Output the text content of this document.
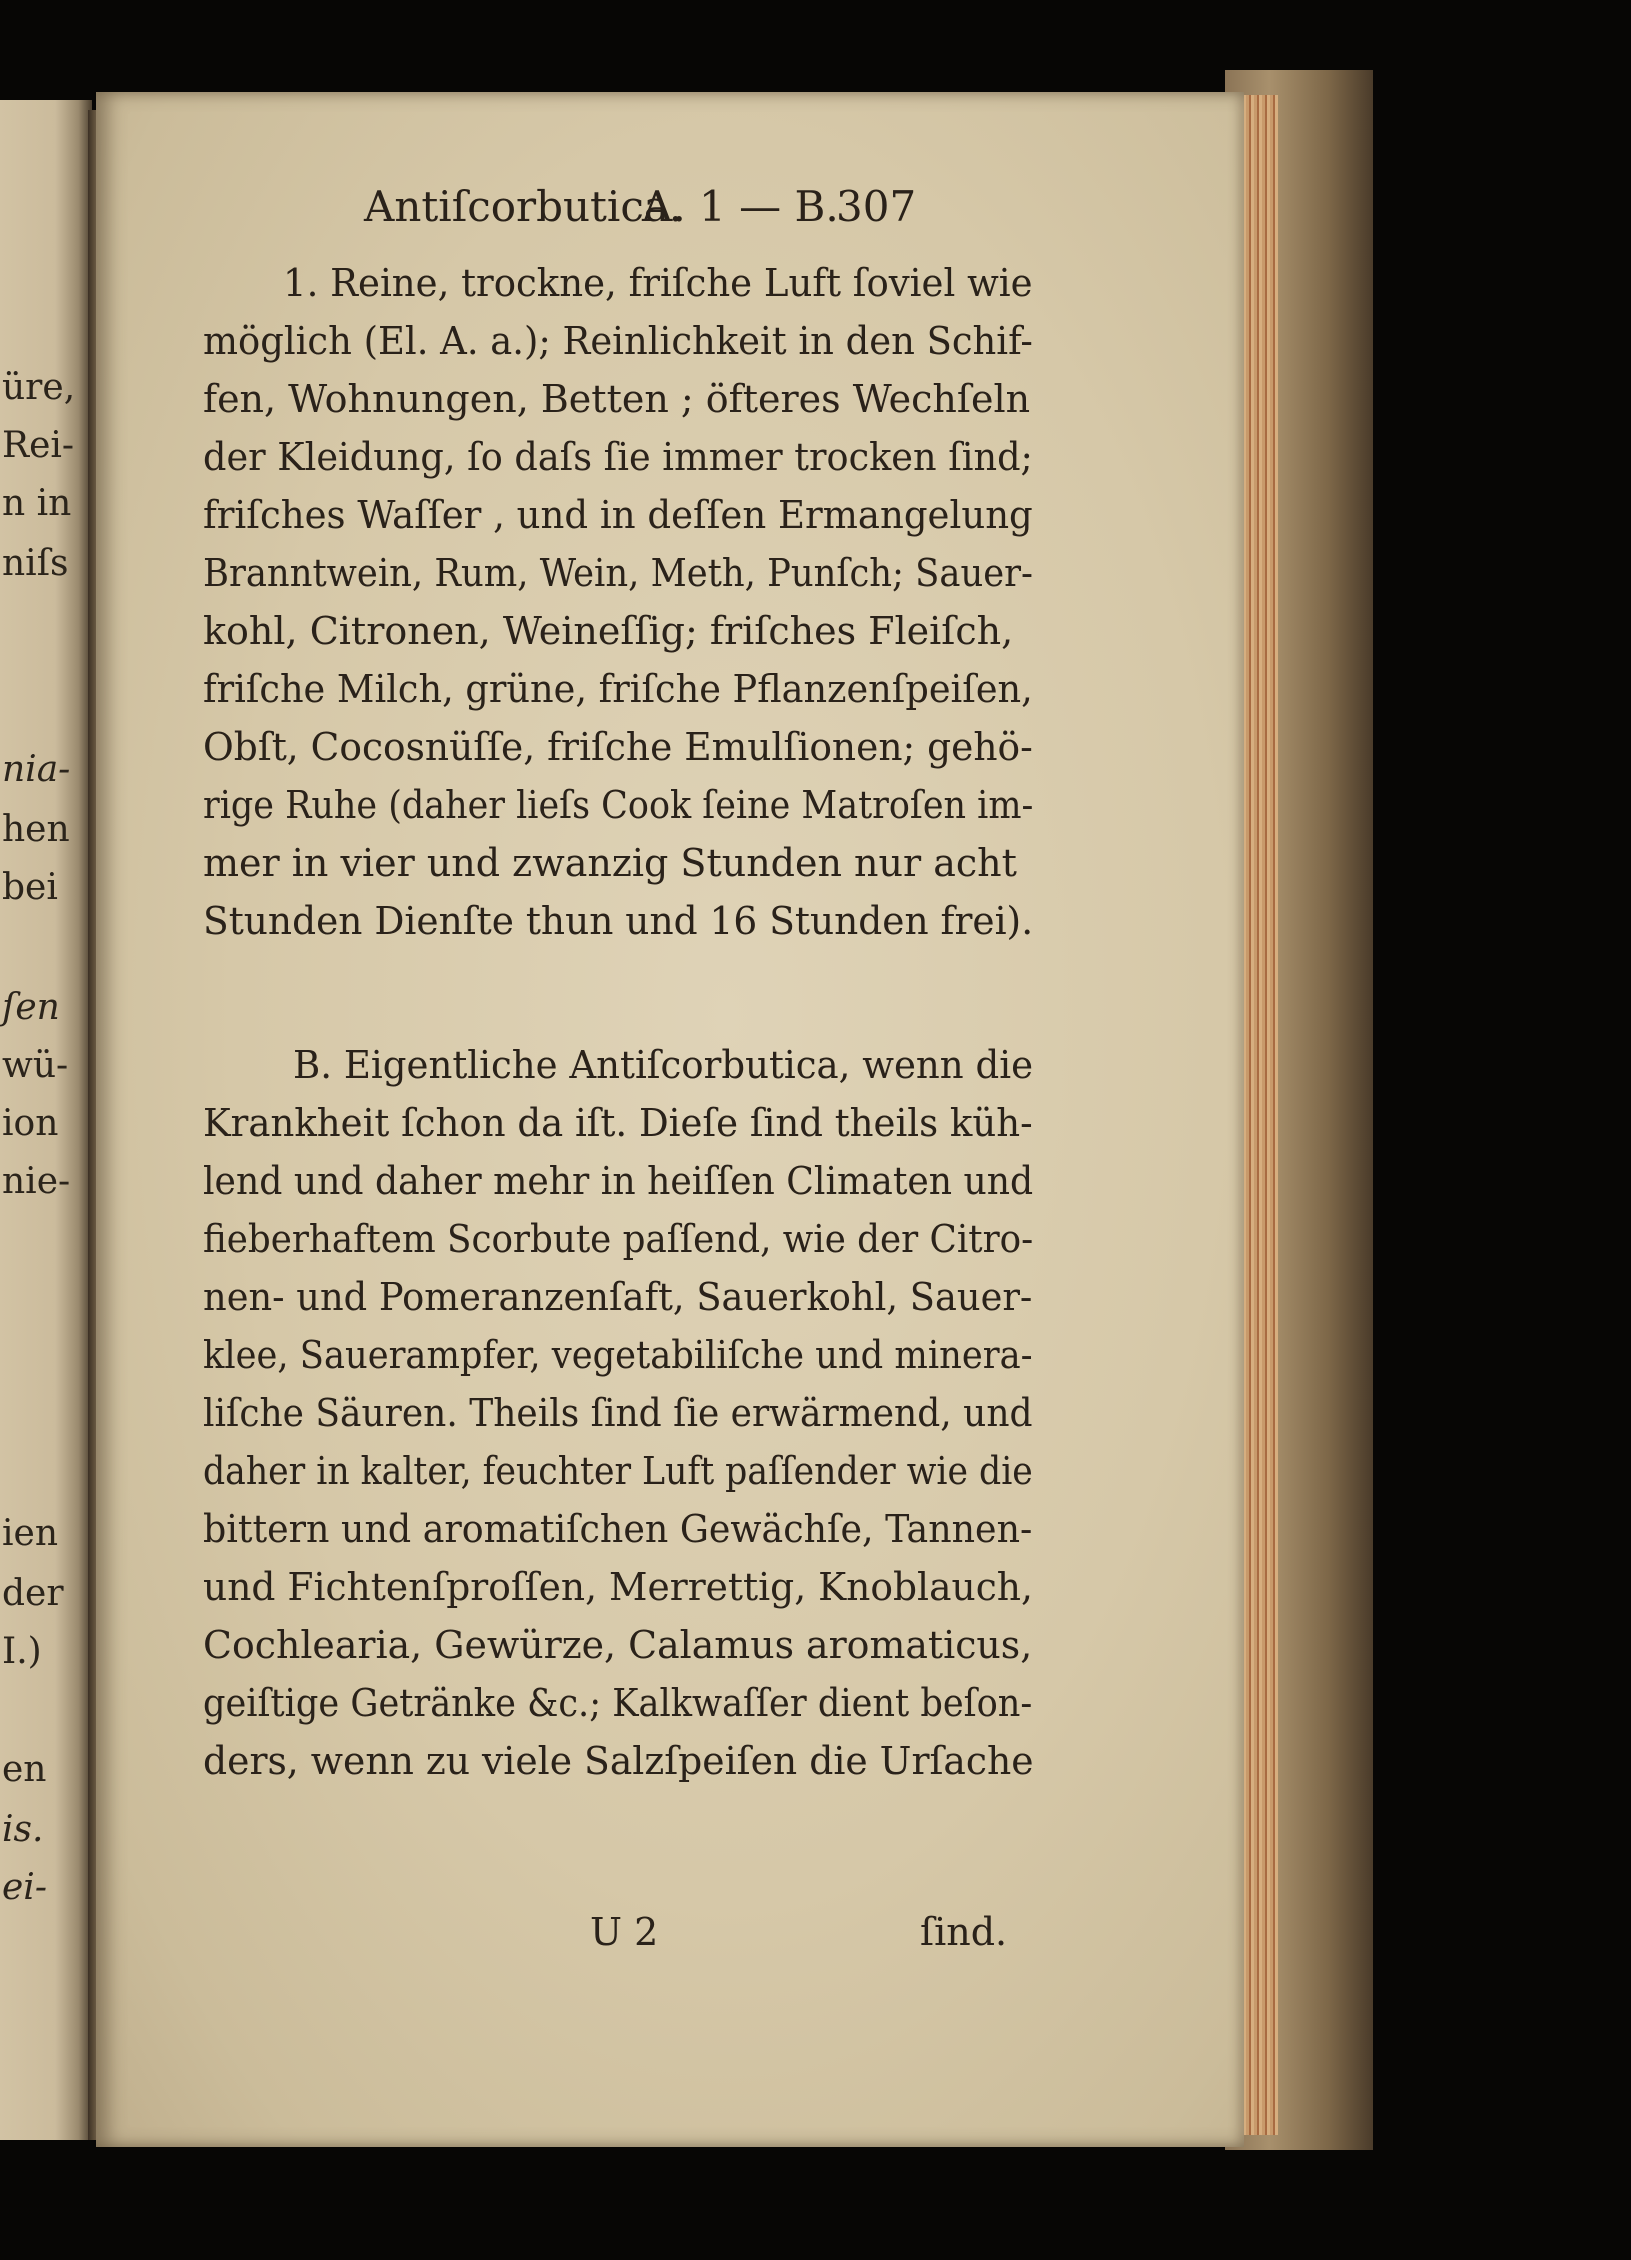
üre,
Rei-
n in
niſs
nia-
hen
bei
ſen
wü-
ion
nie-
ien
der
I.)
en
is.
ei-
Antiſcorbutica.
A. 1 — B.
307
1. Reine, trockne, friſche Luft ſoviel wie
möglich (El. A. a.); Reinlichkeit in den Schif-
fen, Wohnungen, Betten ; öfteres Wechſeln
der Kleidung, ſo daſs ſie immer trocken ſind;
friſches Waſſer , und in deſſen Ermangelung
Branntwein, Rum, Wein, Meth, Punſch; Sauer-
kohl, Citronen, Weineſſig; friſches Fleiſch,
friſche Milch, grüne, friſche Pflanzenſpeiſen,
Obſt, Cocosnüſſe, friſche Emulſionen; gehö-
rige Ruhe (daher lieſs Cook ſeine Matroſen im-
mer in vier und zwanzig Stunden nur acht
Stunden Dienſte thun und 16 Stunden frei).
B. Eigentliche Antiſcorbutica, wenn die
Krankheit ſchon da iſt. Dieſe ſind theils küh-
lend und daher mehr in heiſſen Climaten und
fieberhaftem Scorbute paſſend, wie der Citro-
nen- und Pomeranzenſaft, Sauerkohl, Sauer-
klee, Sauerampfer, vegetabiliſche und minera-
liſche Säuren. Theils ſind ſie erwärmend, und
daher in kalter, feuchter Luft paſſender wie die
bittern und aromatiſchen Gewächſe, Tannen-
und Fichtenſproſſen, Merrettig, Knoblauch,
Cochlearia, Gewürze, Calamus aromaticus,
geiſtige Getränke &c.; Kalkwaſſer dient beſon-
ders, wenn zu viele Salzſpeiſen die Urſache
U 2	ſind.
